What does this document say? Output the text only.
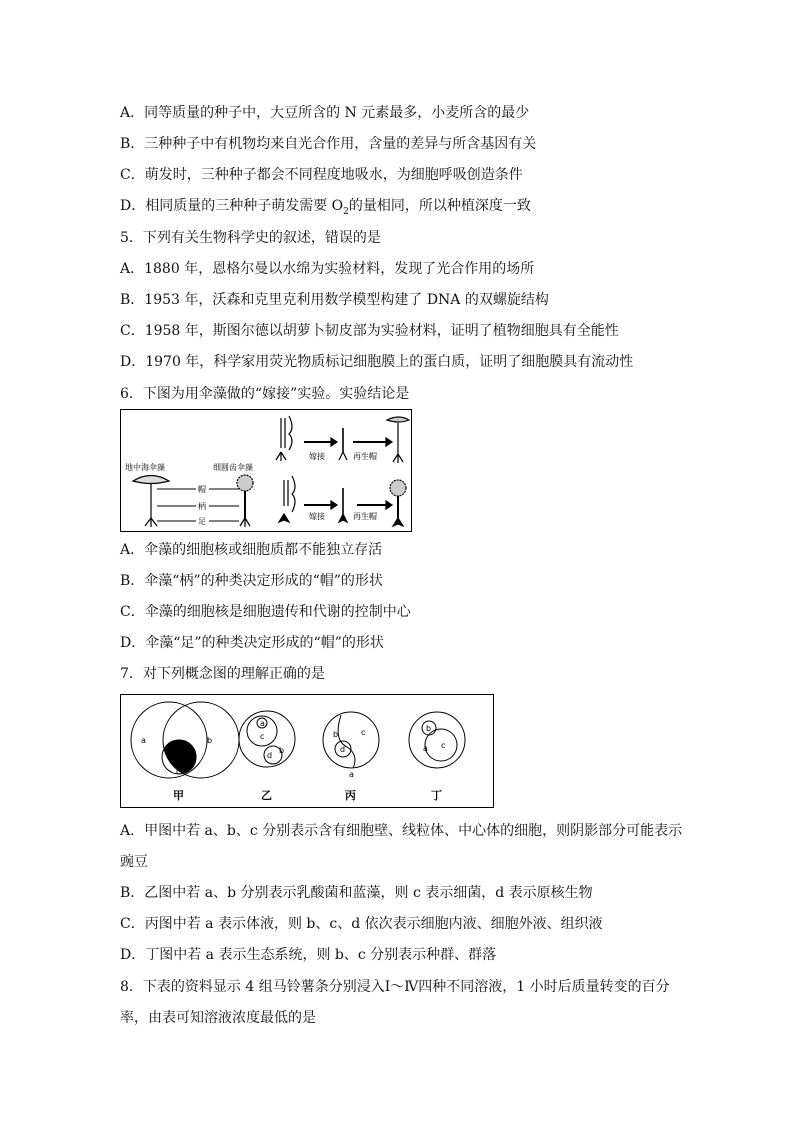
A．同等质量的种子中，大豆所含的 N 元素最多，小麦所含的最少
B．三种种子中有机物均来自光合作用，含量的差异与所含基因有关
C．萌发时，三种种子都会不同程度地吸水，为细胞呼吸创造条件
D．相同质量的三种种子萌发需要 $O_2$的量相同，所以种植深度一致
5．下列有关生物科学史的叙述，错误的是
A．1880 年，恩格尔曼以水绵为实验材料，发现了光合作用的场所
B．1953 年，沃森和克里克利用数学模型构建了 DNA 的双螺旋结构
C．1958 年，斯图尔德以胡萝卜韧皮部为实验材料，证明了植物细胞具有全能性
D．1970 年，科学家用荧光物质标记细胞膜上的蛋白质，证明了细胞膜具有流动性
6．下图为用伞藻做的“嫁接”实验。实验结论是
地中海伞藻	细圆齿伞藻
帽
柄
足
嫁接	再生帽
嫁接	再生帽
A．伞藻的细胞核或细胞质都不能独立存活
B．伞藻“柄”的种类决定形成的“帽”的形状
C．伞藻的细胞核是细胞遗传和代谢的控制中心
D．伞藻“足”的种类决定形成的“帽”的形状
7．对下列概念图的理解正确的是
a	b
c
a
c
d
b
b	c
d
a
b
a c
甲	乙	丙	丁
A．甲图中若 a、b、c 分别表示含有细胞壁、线粒体、中心体的细胞，则阴影部分可能表示
豌豆
B．乙图中若 a、b 分别表示乳酸菌和蓝藻，则 c 表示细菌，d 表示原核生物
C．丙图中若 a 表示体液，则 b、c、d 依次表示细胞内液、细胞外液、组织液
D．丁图中若 a 表示生态系统，则 b、c 分别表示种群、群落
8．下表的资料显示 4 组马铃薯条分别浸入Ⅰ～Ⅳ四种不同溶液，1 小时后质量转变的百分
率，由表可知溶液浓度最低的是
